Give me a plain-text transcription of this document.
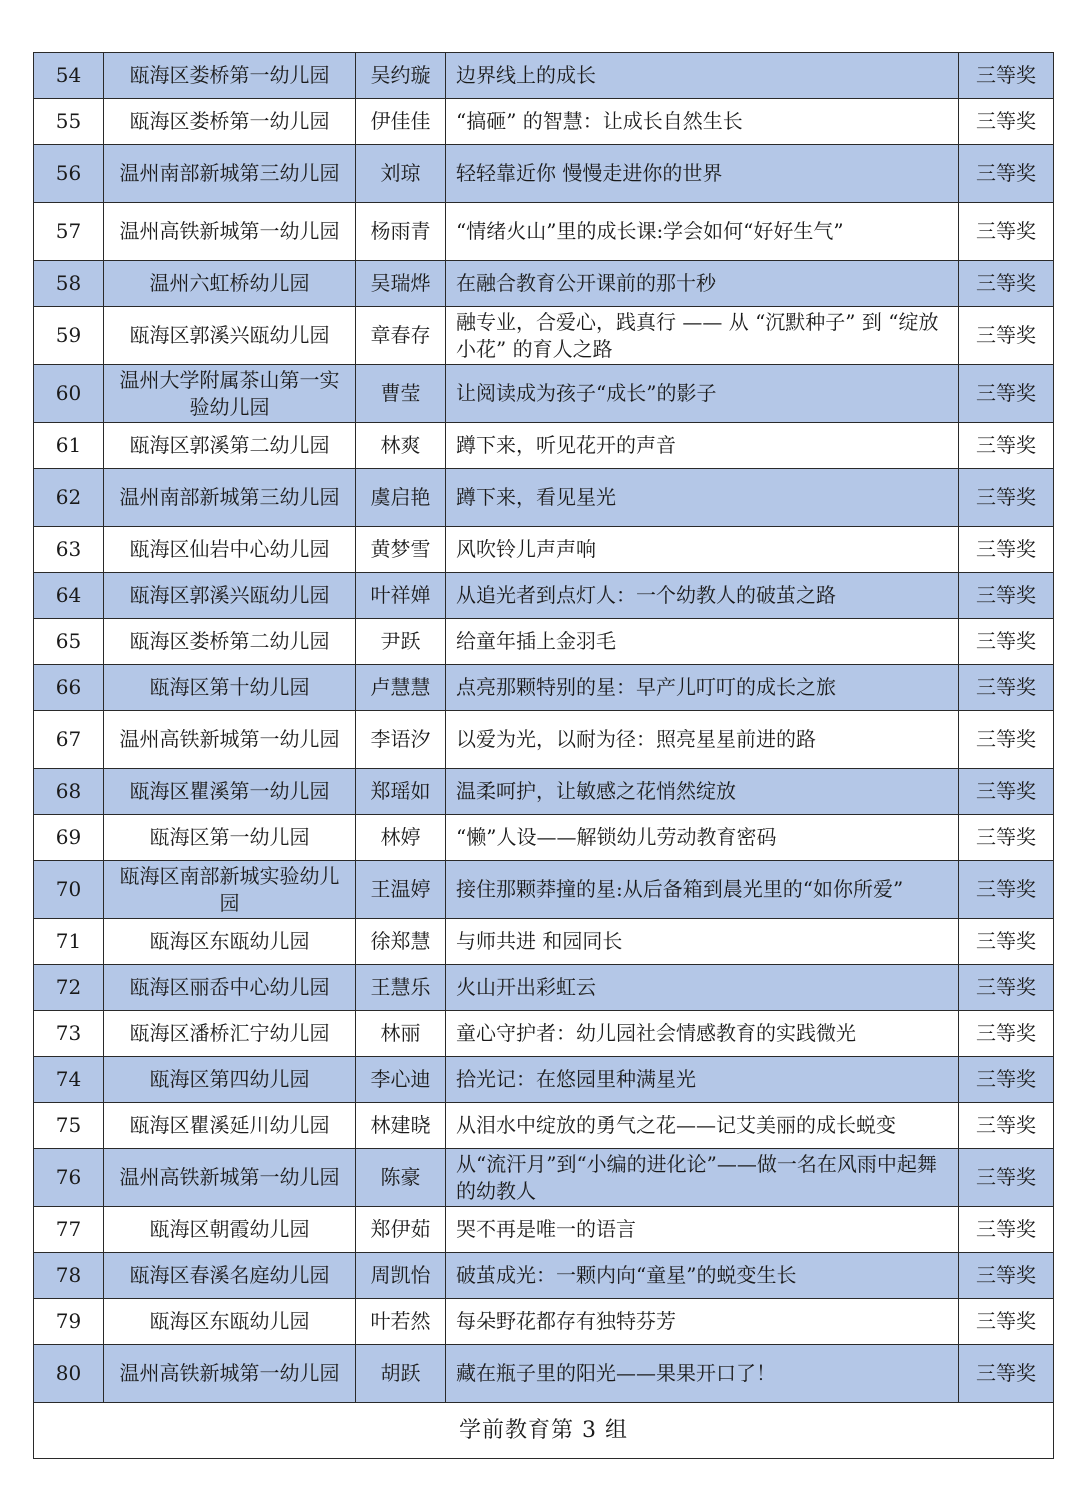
54	瓯海区娄桥第一幼儿园	吴约璇	边界线上的成长	三等奖
55	瓯海区娄桥第一幼儿园	伊佳佳	“搞砸” 的智慧：让成长自然生长	三等奖
56	温州南部新城第三幼儿园	刘琼	轻轻靠近你 慢慢走进你的世界	三等奖
57	温州高铁新城第一幼儿园	杨雨青	“情绪火山”里的成长课:学会如何“好好生气”	三等奖
58	温州六虹桥幼儿园	吴瑞烨	在融合教育公开课前的那十秒	三等奖
59	瓯海区郭溪兴瓯幼儿园	章春存	融专业，合爱心，践真行 —— 从 “沉默种子” 到 “绽放小花” 的育人之路	三等奖
60	温州大学附属茶山第一实验幼儿园	曹莹	让阅读成为孩子“成长”的影子	三等奖
61	瓯海区郭溪第二幼儿园	林爽	蹲下来，听见花开的声音	三等奖
62	温州南部新城第三幼儿园	虞启艳	蹲下来，看见星光	三等奖
63	瓯海区仙岩中心幼儿园	黄梦雪	风吹铃儿声声响	三等奖
64	瓯海区郭溪兴瓯幼儿园	叶祥婵	从追光者到点灯人：一个幼教人的破茧之路	三等奖
65	瓯海区娄桥第二幼儿园	尹跃	给童年插上金羽毛	三等奖
66	瓯海区第十幼儿园	卢慧慧	点亮那颗特别的星：早产儿叮叮的成长之旅	三等奖
67	温州高铁新城第一幼儿园	李语汐	以爱为光，以耐为径：照亮星星前进的路	三等奖
68	瓯海区瞿溪第一幼儿园	郑瑶如	温柔呵护，让敏感之花悄然绽放	三等奖
69	瓯海区第一幼儿园	林婷	“懒”人设——解锁幼儿劳动教育密码	三等奖
70	瓯海区南部新城实验幼儿园	王温婷	接住那颗莽撞的星:从后备箱到晨光里的“如你所爱”	三等奖
71	瓯海区东瓯幼儿园	徐郑慧	与师共进 和园同长	三等奖
72	瓯海区丽岙中心幼儿园	王慧乐	火山开出彩虹云	三等奖
73	瓯海区潘桥汇宁幼儿园	林丽	童心守护者：幼儿园社会情感教育的实践微光	三等奖
74	瓯海区第四幼儿园	李心迪	拾光记：在悠园里种满星光	三等奖
75	瓯海区瞿溪延川幼儿园	林建晓	从泪水中绽放的勇气之花——记艾美丽的成长蜕变	三等奖
76	温州高铁新城第一幼儿园	陈豪	从“流汗月”到“小编的进化论”——做一名在风雨中起舞的幼教人	三等奖
77	瓯海区朝霞幼儿园	郑伊茹	哭不再是唯一的语言	三等奖
78	瓯海区春溪名庭幼儿园	周凯怡	破茧成光：一颗内向“童星”的蜕变生长	三等奖
79	瓯海区东瓯幼儿园	叶若然	每朵野花都存有独特芬芳	三等奖
80	温州高铁新城第一幼儿园	胡跃	藏在瓶子里的阳光——果果开口了！	三等奖
学前教育第 3 组				
